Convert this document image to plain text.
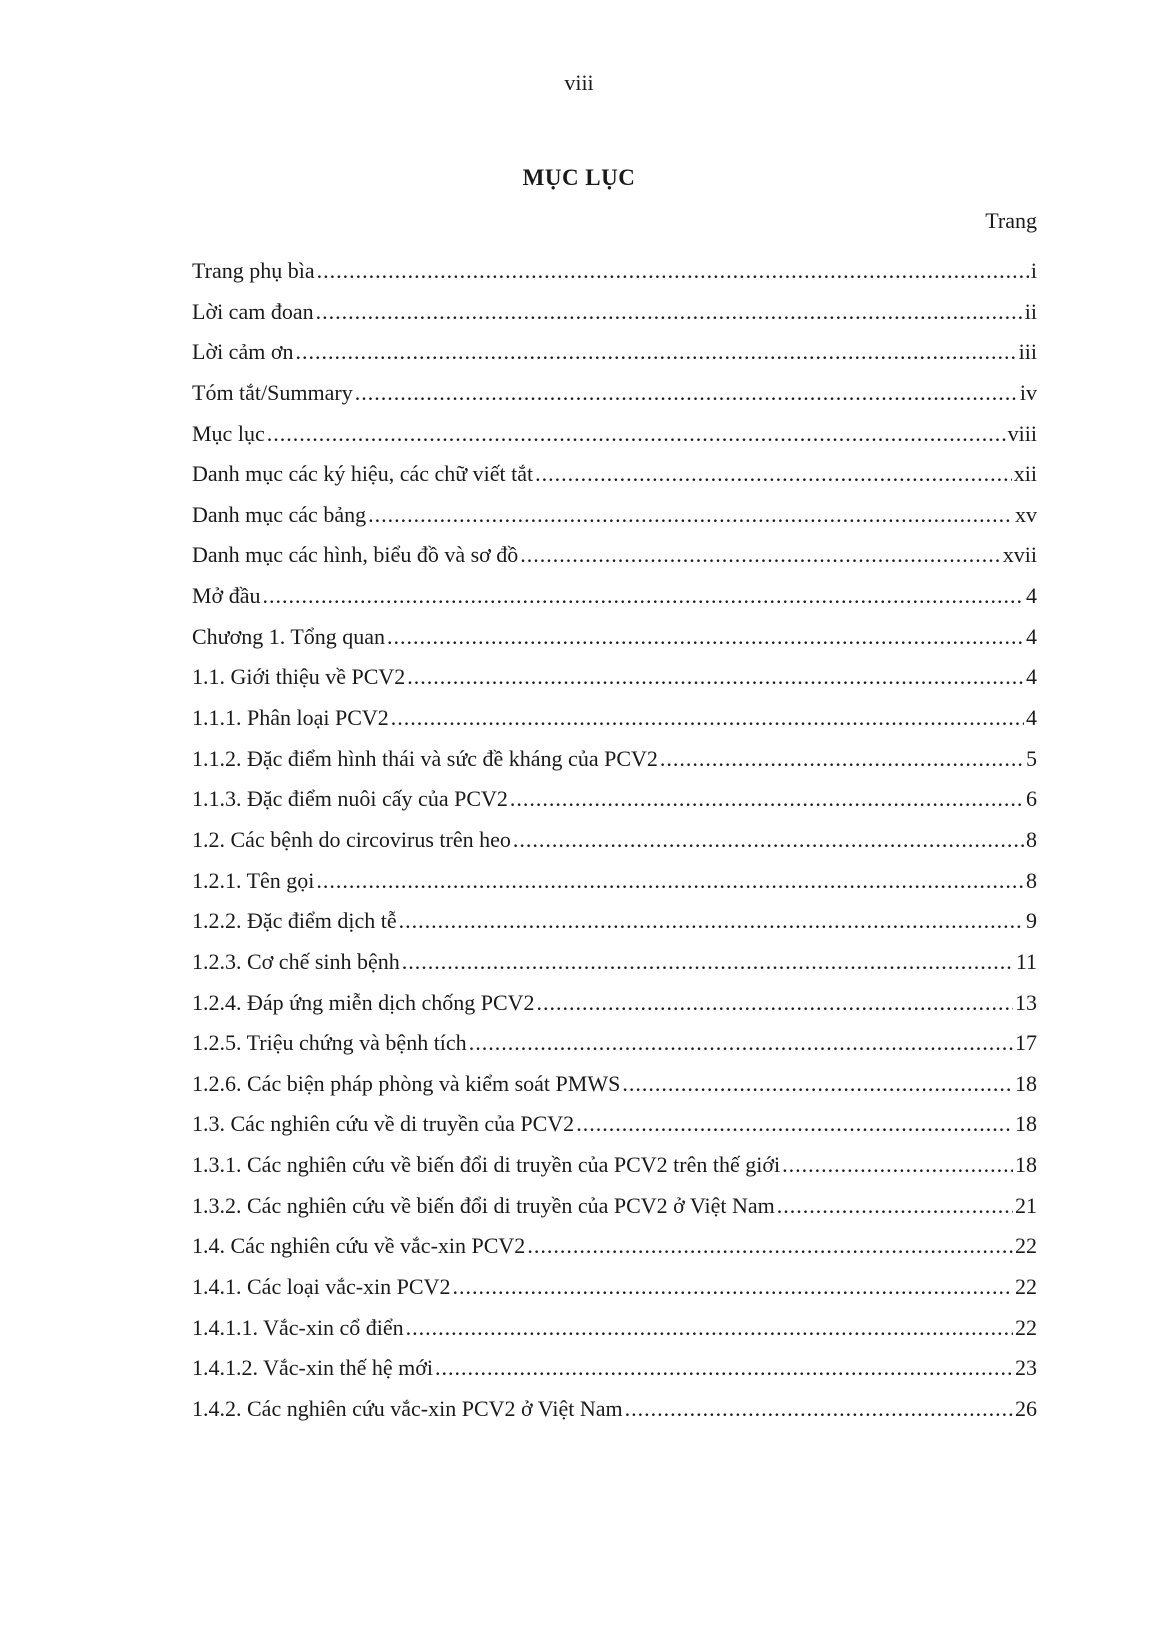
viii
MỤC LỤC
Trang
Trang phụ bìa .....	i
Lời cam đoan .....	ii
Lời cảm ơn .....	iii
Tóm tắt/Summary .....	iv
Mục lục .....	viii
Danh mục các ký hiệu, các chữ viết tắt .....	xii
Danh mục các bảng .....	xv
Danh mục các hình, biểu đồ và sơ đồ .....	xvii
Mở đầu .....	4
Chương 1. Tổng quan .....	4
1.1. Giới thiệu về PCV2 .....	4
1.1.1. Phân loại PCV2 .....	4
1.1.2. Đặc điểm hình thái và sức đề kháng của PCV2 .....	5
1.1.3. Đặc điểm nuôi cấy của PCV2 .....	6
1.2. Các bệnh do circovirus trên heo .....	8
1.2.1. Tên gọi .....	8
1.2.2. Đặc điểm dịch tễ .....	9
1.2.3. Cơ chế sinh bệnh .....	11
1.2.4. Đáp ứng miễn dịch chống PCV2 .....	13
1.2.5. Triệu chứng và bệnh tích .....	17
1.2.6. Các biện pháp phòng và kiểm soát PMWS .....	18
1.3. Các nghiên cứu về di truyền của PCV2 .....	18
1.3.1. Các nghiên cứu về biến đổi di truyền của PCV2 trên thế giới .....	18
1.3.2. Các nghiên cứu về biến đổi di truyền của PCV2 ở Việt Nam .....	21
1.4. Các nghiên cứu về vắc-xin PCV2 .....	22
1.4.1. Các loại vắc-xin PCV2 .....	22
1.4.1.1. Vắc-xin cổ điển .....	22
1.4.1.2. Vắc-xin thế hệ mới .....	23
1.4.2. Các nghiên cứu vắc-xin PCV2 ở Việt Nam .....	26
